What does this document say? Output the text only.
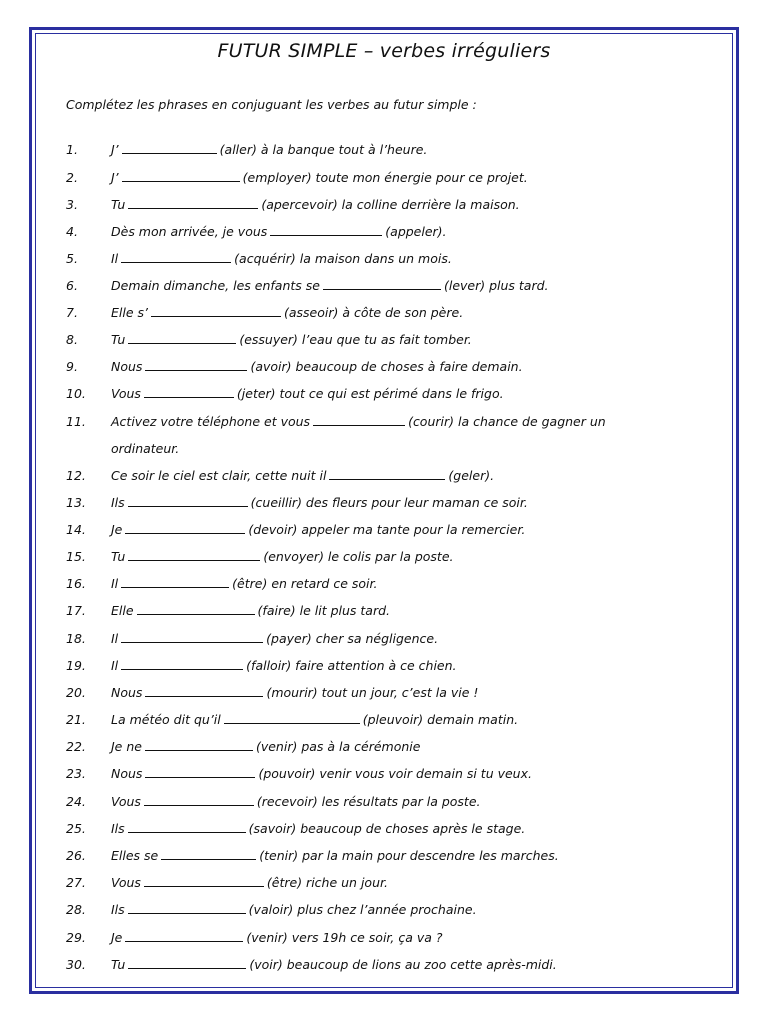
FUTUR SIMPLE – verbes irréguliers
Complétez les phrases en conjuguant les verbes au futur simple :
1.	J’	(aller) à la banque tout à l’heure.
2.	J’	(employer) toute mon énergie pour ce projet.
3.	Tu	(apercevoir) la colline derrière la maison.
4.	Dès mon arrivée, je vous	(appeler).
5.	Il	(acquérir) la maison dans un mois.
6.	Demain dimanche, les enfants se	(lever) plus tard.
7.	Elle s’	(asseoir) à côte de son père.
8.	Tu	(essuyer) l’eau que tu as fait tomber.
9.	Nous	(avoir) beaucoup de choses à faire demain.
10.	Vous	(jeter) tout ce qui est périmé dans le frigo.
11.	Activez votre téléphone et vous	(courir) la chance de gagner un
ordinateur.
12.	Ce soir le ciel est clair, cette nuit il	(geler).
13.	Ils	(cueillir) des fleurs pour leur maman ce soir.
14.	Je	(devoir) appeler ma tante pour la remercier.
15.	Tu	(envoyer) le colis par la poste.
16.	Il	(être) en retard ce soir.
17.	Elle	(faire) le lit plus tard.
18.	Il	(payer) cher sa négligence.
19.	Il	(falloir) faire attention à ce chien.
20.	Nous	(mourir) tout un jour, c’est la vie !
21.	La météo dit qu’il	(pleuvoir) demain matin.
22.	Je ne	(venir) pas à la cérémonie
23.	Nous	(pouvoir) venir vous voir demain si tu veux.
24.	Vous	(recevoir) les résultats par la poste.
25.	Ils	(savoir) beaucoup de choses après le stage.
26.	Elles se	(tenir) par la main pour descendre les marches.
27.	Vous	(être) riche un jour.
28.	Ils	(valoir) plus chez l’année prochaine.
29.	Je	(venir) vers 19h ce soir, ça va ?
30.	Tu	(voir) beaucoup de lions au zoo cette après-midi.
